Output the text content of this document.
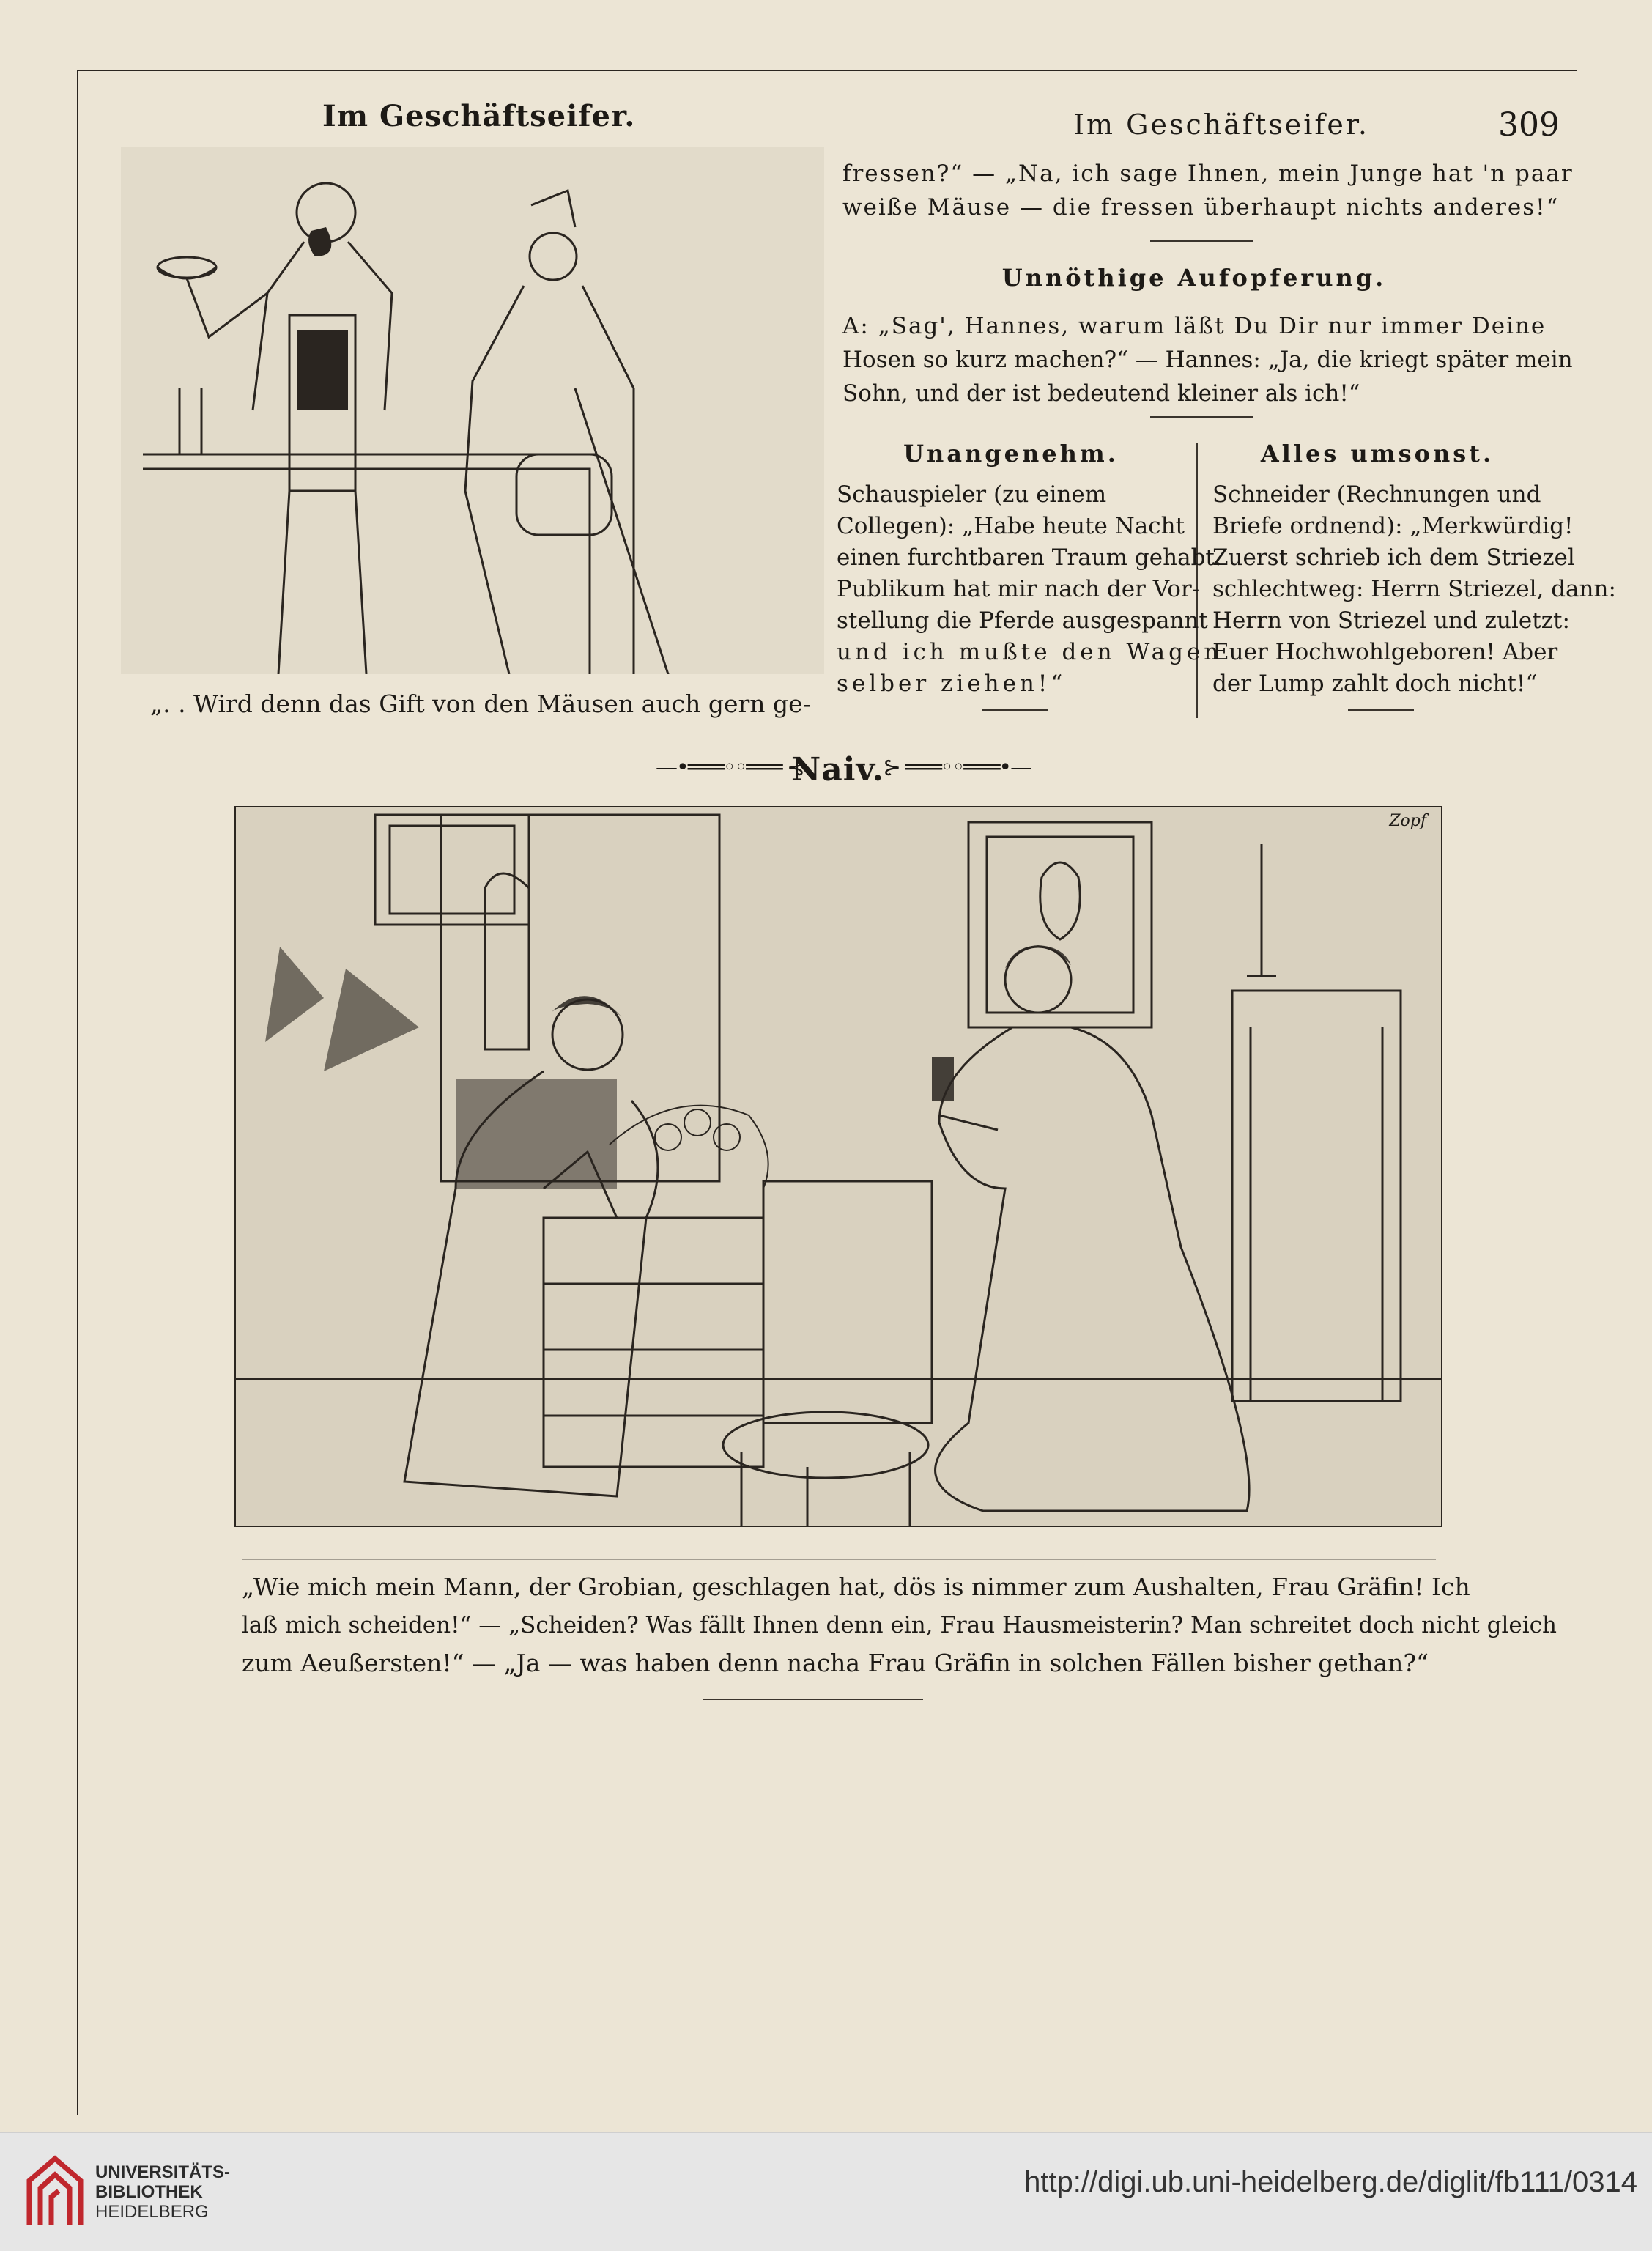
Im Geschäftseifer.
„. . Wird denn das Gift von den Mäusen auch gern ge-
Im Geschäftseifer.	309
fressen?“ — „Na, ich sage Ihnen, mein Junge hat 'n paar
weiße Mäuse — die fressen überhaupt nichts anderes!“
Unnöthige Aufopferung.
A: „Sag', Hannes, warum läßt Du Dir nur immer Deine
Hosen so kurz machen?“ — Hannes: „Ja, die kriegt später mein
Sohn, und der ist bedeutend kleiner als ich!“
Unangenehm.
Schauspieler (zu einem
Collegen): „Habe heute Nacht
einen furchtbaren Traum gehabt.
Publikum hat mir nach der Vor-
stellung die Pferde ausgespannt
und ich mußte den Wagen
selber ziehen!“
Alles umsonst.
Schneider (Rechnungen und
Briefe ordnend): „Merkwürdig!
Zuerst schrieb ich dem Striezel
schlechtweg: Herrn Striezel, dann:
Herrn von Striezel und zuletzt:
Euer Hochwohlgeboren! Aber
der Lump zahlt doch nicht!“
—•═══◦◦═══ ⊰
Naiv.
⊱ ═══◦◦═══•—
Zopf
„Wie mich mein Mann, der Grobian, geschlagen hat, dös is nimmer zum Aushalten, Frau Gräfin! Ich
laß mich scheiden!“ — „Scheiden? Was fällt Ihnen denn ein, Frau Hausmeisterin? Man schreitet doch nicht gleich
zum Aeußersten!“ — „Ja — was haben denn nacha Frau Gräfin in solchen Fällen bisher gethan?“
UNIVERSITÄTS-
BIBLIOTHEK
HEIDELBERG
http://digi.ub.uni-heidelberg.de/diglit/fb111/0314
